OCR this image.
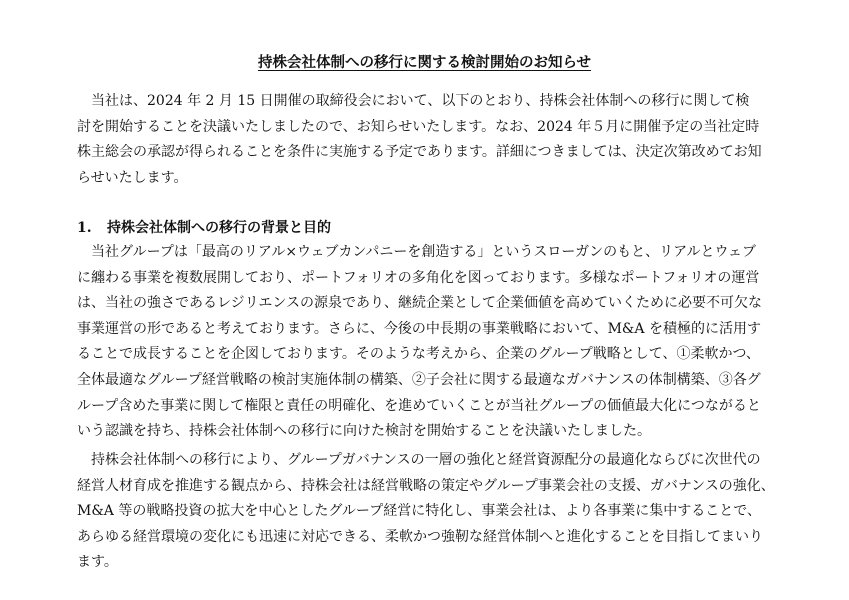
持株会社体制への移行に関する検討開始のお知らせ

当社は、2024 年 2 月 15 日開催の取締役会において、以下のとおり、持株会社体制への移行に関して検
討を開始することを決議いたしましたので、お知らせいたします。なお、2024 年５月に開催予定の当社定時
株主総会の承認が得られることを条件に実施する予定であります。詳細につきましては、決定次第改めてお知
らせいたします。

1. 持株会社体制への移行の背景と目的

当社グループは「最高のリアル×ウェブカンパニーを創造する」というスローガンのもと、リアルとウェブ
に纏わる事業を複数展開しており、ポートフォリオの多角化を図っております。多様なポートフォリオの運営
は、当社の強さであるレジリエンスの源泉であり、継続企業として企業価値を高めていくために必要不可欠な
事業運営の形であると考えております。さらに、今後の中長期の事業戦略において、M&A を積極的に活用す
ることで成長することを企図しております。そのような考えから、企業のグループ戦略として、①柔軟かつ、
全体最適なグループ経営戦略の検討実施体制の構築、②子会社に関する最適なガバナンスの体制構築、③各グ
ループ含めた事業に関して権限と責任の明確化、を進めていくことが当社グループの価値最大化につながると
いう認識を持ち、持株会社体制への移行に向けた検討を開始することを決議いたしました。

持株会社体制への移行により、グループガバナンスの一層の強化と経営資源配分の最適化ならびに次世代の
経営人材育成を推進する観点から、持株会社は経営戦略の策定やグループ事業会社の支援、ガバナンスの強化、
M&A 等の戦略投資の拡大を中心としたグループ経営に特化し、事業会社は、より各事業に集中することで、
あらゆる経営環境の変化にも迅速に対応できる、柔軟かつ強靭な経営体制へと進化することを目指してまいり
ます。
